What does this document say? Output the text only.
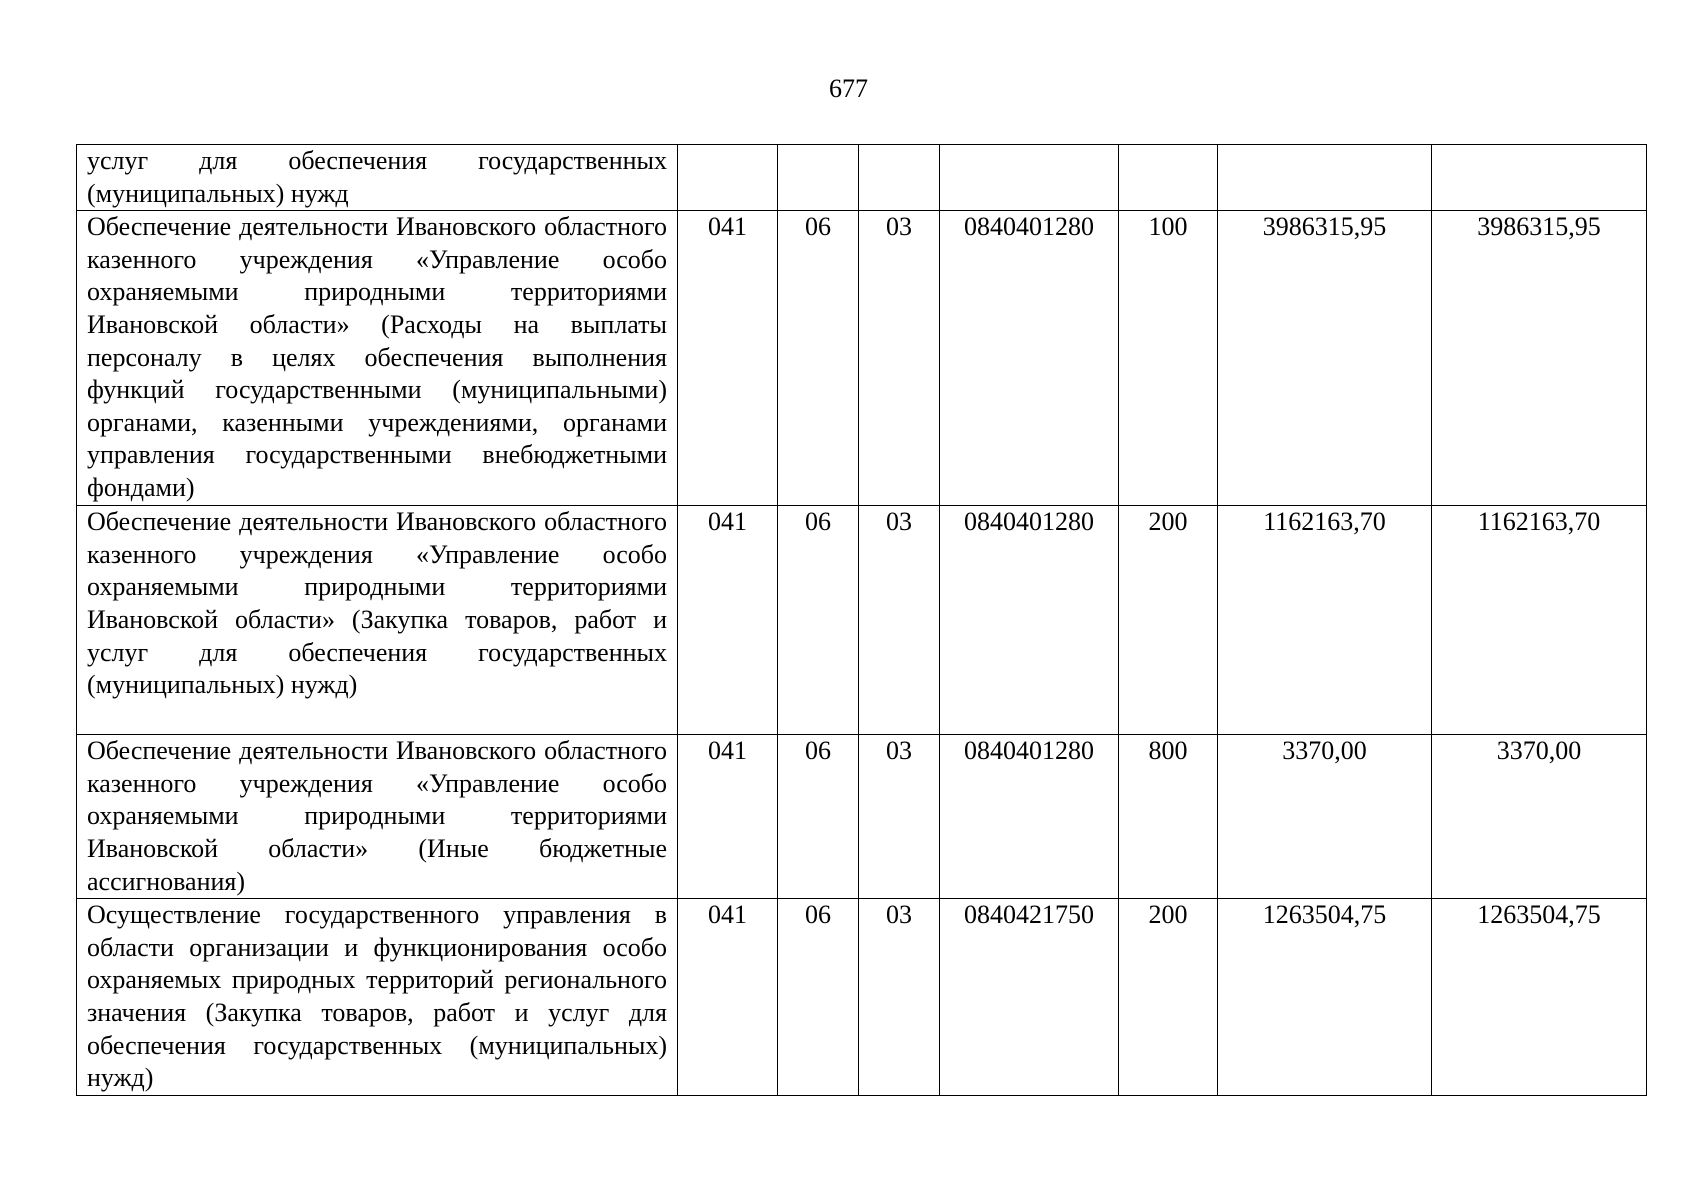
677
услуг для обеспечения государственных (муниципальных) нужд							
Обеспечение деятельности Ивановского областного казенного учреждения «Управление особо охраняемыми природными территориями Ивановской области» (Расходы на выплаты персоналу в целях обеспечения выполнения функций государственными (муниципальными) органами, казенными учреждениями, органами управления государственными внебюджетными фондами)	041	06	03	0840401280	100	3986315,95	3986315,95
Обеспечение деятельности Ивановского областного казенного учреждения «Управление особо охраняемыми природными территориями Ивановской области» (Закупка товаров, работ и услуг для обеспечения государственных (муниципальных) нужд)	041	06	03	0840401280	200	1162163,70	1162163,70
Обеспечение деятельности Ивановского областного казенного учреждения «Управление особо охраняемыми природными территориями Ивановской области» (Иные бюджетные ассигнования)	041	06	03	0840401280	800	3370,00	3370,00
Осуществление государственного управления в области организации и функционирования особо охраняемых природных территорий регионального значения (Закупка товаров, работ и услуг для обеспечения государственных (муниципальных) нужд)	041	06	03	0840421750	200	1263504,75	1263504,75
